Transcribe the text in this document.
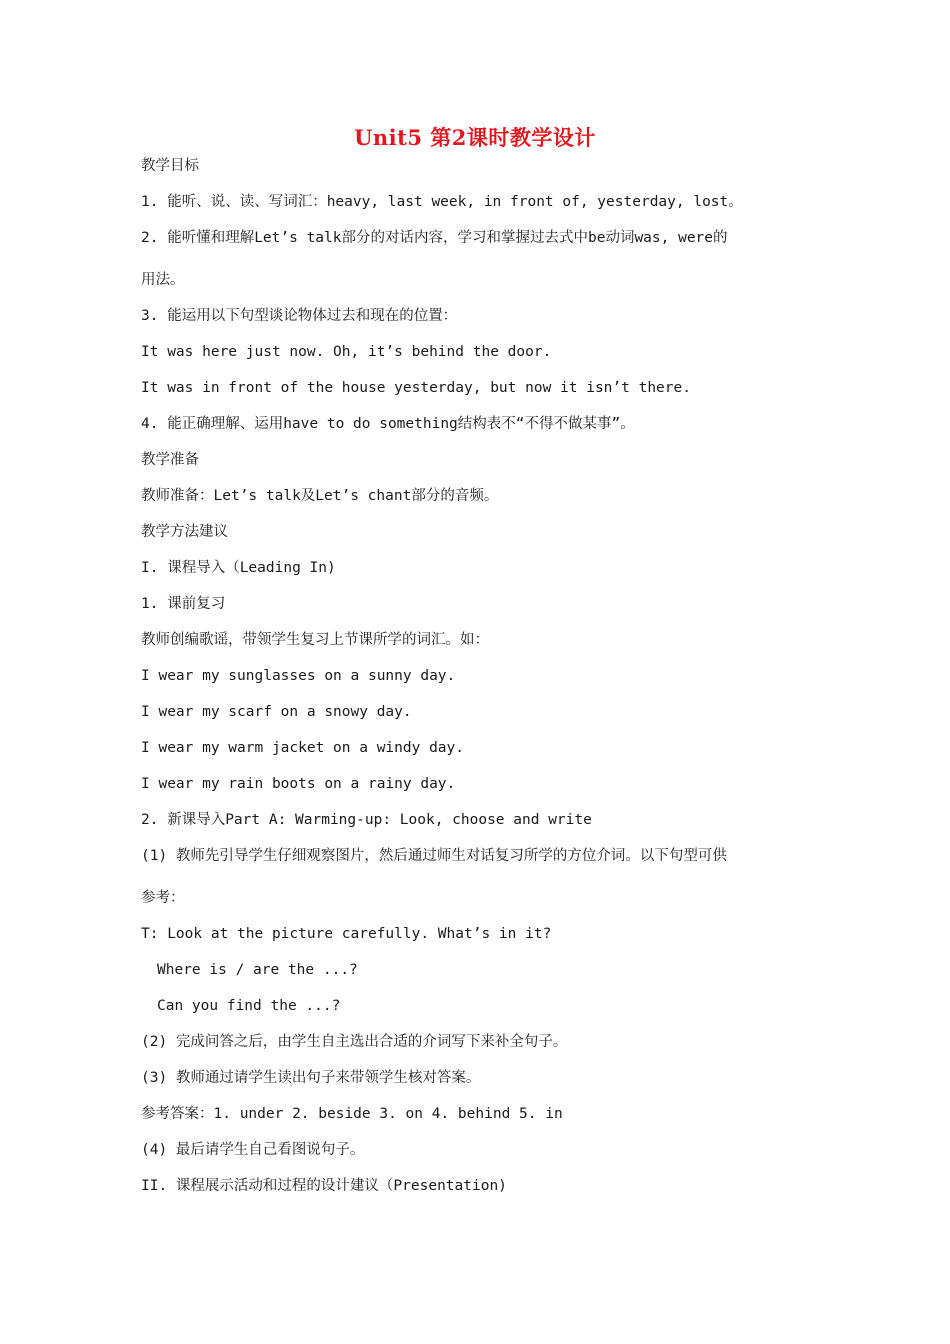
Unit5 第2课时教学设计
教学目标
1. 能听、说、读、写词汇：heavy, last week, in front of, yesterday, lost。
2. 能听懂和理解Let’s talk部分的对话内容，学习和掌握过去式中be动词was, were的
用法。
3. 能运用以下句型谈论物体过去和现在的位置：
It was here just now. Oh, it’s behind the door.
It was in front of the house yesterday, but now it isn’t there.
4. 能正确理解、运用have to do something结构表不“不得不做某事”。
教学准备
教师准备：Let’s talk及Let’s chant部分的音频。
教学方法建议
I. 课程导入（Leading In)
1. 课前复习
教师创编歌谣，带领学生复习上节课所学的词汇。如：
I wear my sunglasses on a sunny day.
I wear my scarf on a snowy day.
I wear my warm jacket on a windy day.
I wear my rain boots on a rainy day.
2. 新课导入Part A: Warming-up: Look, choose and write
(1) 教师先引导学生仔细观察图片，然后通过师生对话复习所学的方位介词。以下句型可供
参考：
T: Look at the picture carefully. What’s in it?
Where is / are the ...?
Can you find the ...?
(2) 完成问答之后，由学生自主选出合适的介词写下来补全句子。
(3) 教师通过请学生读出句子来带领学生核对答案。
参考答案：1. under 2. beside 3. on 4. behind 5. in
(4) 最后请学生自己看图说句子。
II. 课程展示活动和过程的设计建议（Presentation)
